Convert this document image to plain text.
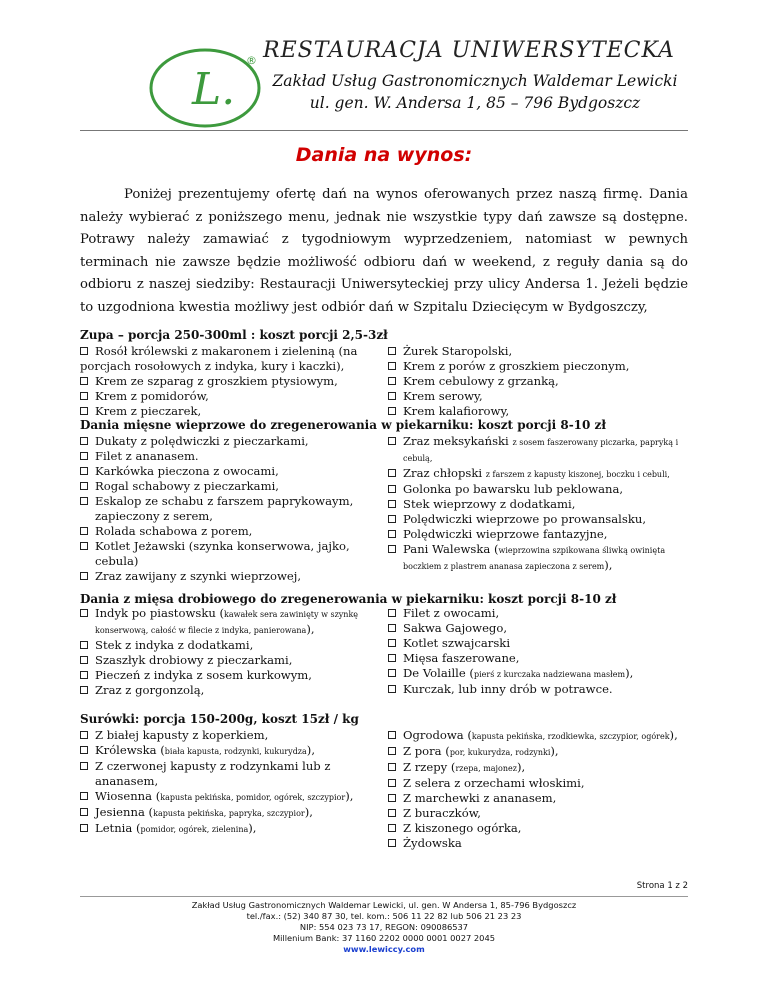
L.
® RESTAURACJA UNIWERSYTECKA
Zakład Usług Gastronomicznych Waldemar Lewicki
ul. gen. W. Andersa 1, 85 – 796 Bydgoszcz
Dania na wynos:
Poniżej prezentujemy ofertę dań na wynos oferowanych przez naszą firmę. Dania należy wybierać z poniższego menu, jednak nie wszystkie typy dań zawsze są dostępne. Potrawy należy zamawiać z tygodniowym wyprzedzeniem, natomiast w pewnych terminach nie zawsze będzie możliwość odbioru dań w weekend, z reguły dania są do odbioru z naszej siedziby: Restauracji Uniwersyteckiej przy ulicy Andersa 1. Jeżeli będzie to uzgodniona kwestia możliwy jest odbiór dań w Szpitalu Dziecięcym w Bydgoszczy,
Zupa – porcja 250-300ml : koszt porcji 2,5-3zł
Rosół królewski z makaronem i zieleniną (na porcjach rosołowych z indyka, kury i kaczki),
Krem ze szparag z groszkiem ptysiowym,
Krem z pomidorów,
Krem z pieczarek,
Żurek Staropolski,
Krem z porów z groszkiem pieczonym,
Krem cebulowy z grzanką,
Krem serowy,
Krem kalafiorowy,
Dania mięsne wieprzowe do zregenerowania w piekarniku: koszt porcji 8-10 zł
Dukaty z polędwiczki z pieczarkami,
Filet z ananasem.
Karkówka pieczona z owocami,
Rogal schabowy z pieczarkami,
Eskalop ze schabu z farszem paprykowaym, zapieczony z serem,
Rolada schabowa z porem,
Kotlet Jeżawski (szynka konserwowa, jajko, cebula)
Zraz zawijany z szynki wieprzowej,
Zraz meksykański z sosem faszerowany piczarka, papryką i cebulą,
Zraz chłopski z farszem z kapusty kiszonej, boczku i cebuli,
Golonka po bawarsku lub peklowana,
Stek wieprzowy z dodatkami,
Polędwiczki wieprzowe po prowansalsku,
Polędwiczki wieprzowe fantazyjne,
Pani Walewska (wieprzowina szpikowana śliwką owinięta boczkiem z plastrem ananasa zapieczona z serem),
Dania z mięsa drobiowego do zregenerowania w piekarniku: koszt porcji 8-10 zł
Indyk po piastowsku (kawałek sera zawinięty w szynkę konserwową, całość w filecie z indyka, panierowana),
Stek z indyka z dodatkami,
Szaszłyk drobiowy z pieczarkami,
Pieczeń z indyka z sosem kurkowym,
Zraz z gorgonzolą,
Filet z owocami,
Sakwa Gajowego,
Kotlet szwajcarski
Mięsa faszerowane,
De Volaille (pierś z kurczaka nadziewana masłem),
Kurczak, lub inny drób w potrawce.
Surówki: porcja 150-200g, koszt 15zł / kg
Z białej kapusty z koperkiem,
Królewska (biała kapusta, rodzynki, kukurydza),
Z czerwonej kapusty z rodzynkami lub z ananasem,
Wiosenna (kapusta pekińska, pomidor, ogórek, szczypior),
Jesienna (kapusta pekińska, papryka, szczypior),
Letnia (pomidor, ogórek, zielenina),
Ogrodowa (kapusta pekińska, rzodkiewka, szczypior, ogórek),
Z pora (por, kukurydza, rodzynki),
Z rzepy (rzepa, majonez),
Z selera z orzechami włoskimi,
Z marchewki z ananasem,
Z buraczków,
Z kiszonego ogórka,
Żydowska
Strona 1 z 2
Zakład Usług Gastronomicznych Waldemar Lewicki, ul. gen. W Andersa 1, 85-796 Bydgoszcz
tel./fax.: (52) 340 87 30, tel. kom.: 506 11 22 82 lub 506 21 23 23
NIP: 554 023 73 17, REGON: 090086537
Millenium Bank: 37 1160 2202 0000 0001 0027 2045
www.lewiccy.com
